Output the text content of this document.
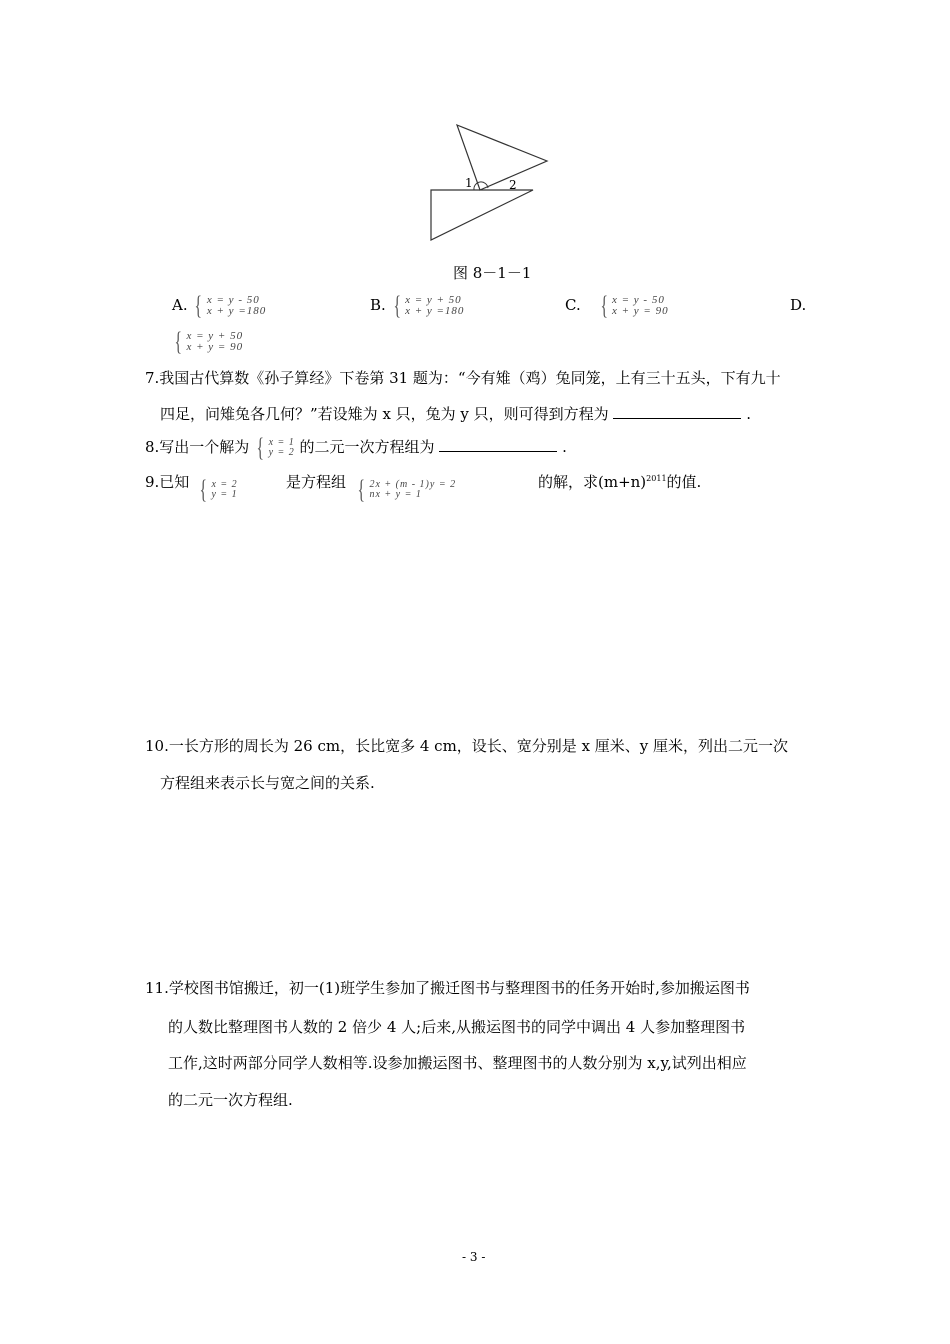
1	2
图 8－1－1
A. { x = y - 50
x + y =180	B. { x = y + 50
x + y =180	C. { x = y - 50
x + y = 90	D.
{ x = y + 50
x + y = 90
7.我国古代算数《孙子算经》下卷第 31 题为：“今有雉（鸡）兔同笼，上有三十五头，下有九十
四足，问雉兔各几何？”若设雉为 x 只，兔为 y 只，则可得到方程为	.
8.写出一个解为 { x = 1
y = 2 的二元一次方程组为	.
9.已知 { x = 2
y = 1
是方程组 { 2x + (m - 1)y = 2
nx + y = 1
的解，求$(m+n)^{2011}$的值.
10.一长方形的周长为 26 cm，长比宽多 4 cm，设长、宽分别是 x 厘米、y 厘米，列出二元一次
方程组来表示长与宽之间的关系.
11.学校图书馆搬迁，初一(1)班学生参加了搬迁图书与整理图书的任务开始时,参加搬运图书
的人数比整理图书人数的 2 倍少 4 人;后来,从搬运图书的同学中调出 4 人参加整理图书
工作,这时两部分同学人数相等.设参加搬运图书、整理图书的人数分别为 x,y,试列出相应
的二元一次方程组.
- 3 -
